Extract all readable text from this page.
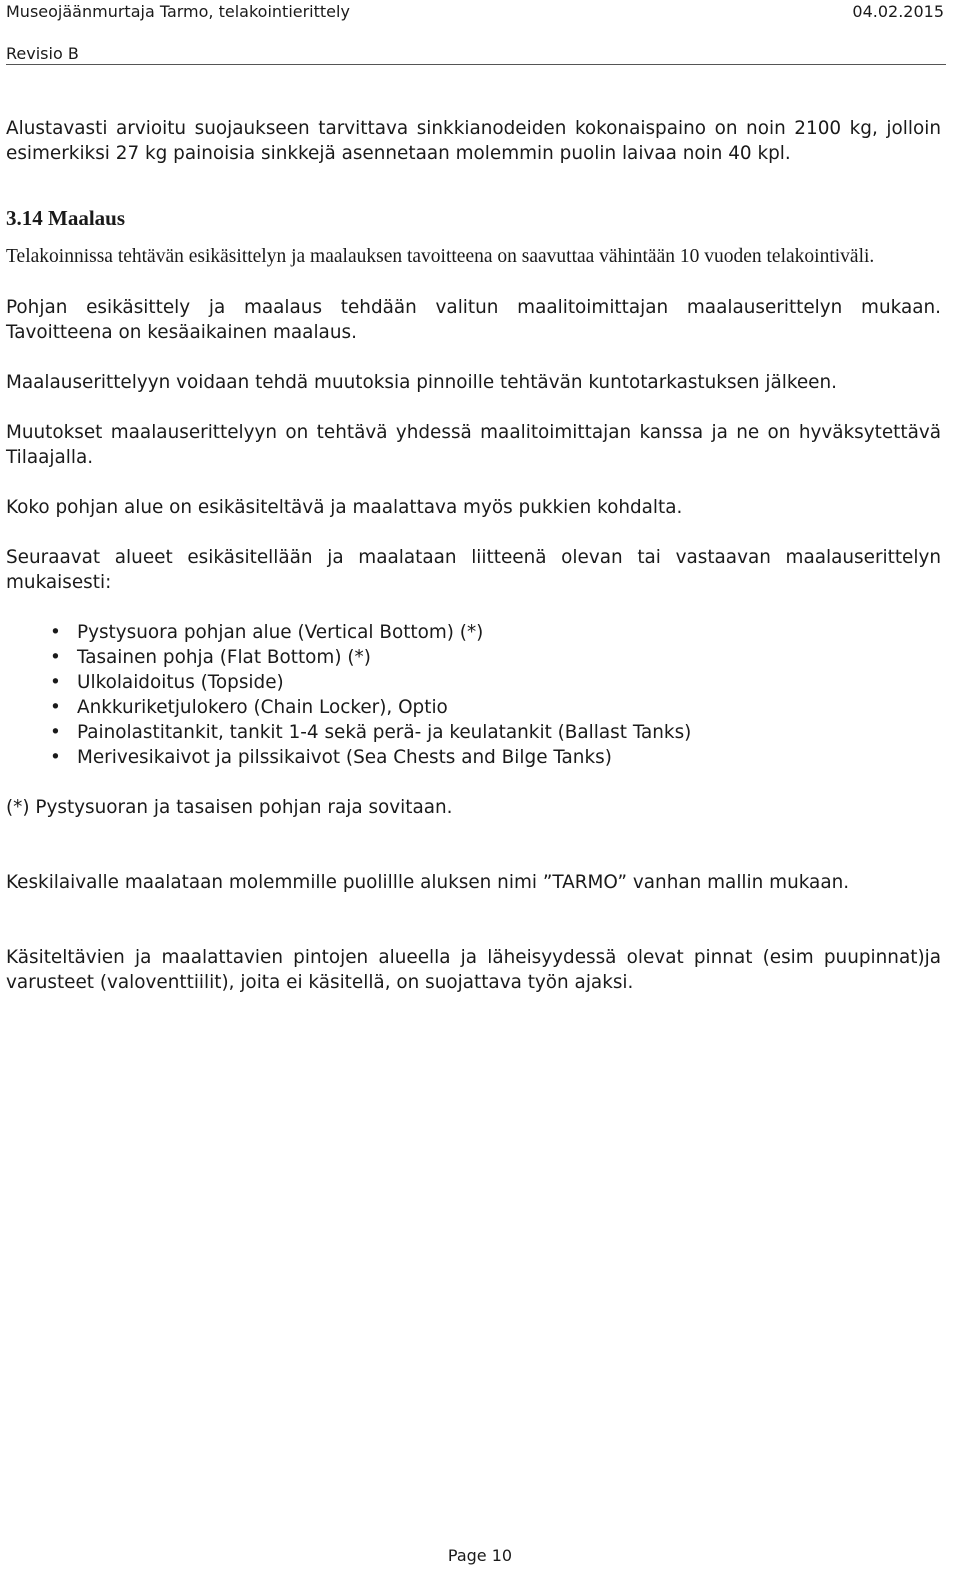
Museojäänmurtaja Tarmo, telakointierittely	04.02.2015
Revisio B

Alustavasti arvioitu suojaukseen tarvittava sinkkianodeiden kokonaispaino on noin 2100 kg, jolloin esimerkiksi 27 kg painoisia sinkkejä asennetaan molemmin puolin laivaa noin 40 kpl.

3.14 Maalaus

Telakoinnissa tehtävän esikäsittelyn ja maalauksen tavoitteena on saavuttaa vähintään 10 vuoden telakointiväli.

Pohjan esikäsittely ja maalaus tehdään valitun maalitoimittajan maalauserittelyn mukaan. Tavoitteena on kesäaikainen maalaus.

Maalauserittelyyn voidaan tehdä muutoksia pinnoille tehtävän kuntotarkastuksen jälkeen.

Muutokset maalauserittelyyn on tehtävä yhdessä maalitoimittajan kanssa ja ne on hyväksytettävä Tilaajalla.

Koko pohjan alue on esikäsiteltävä ja maalattava myös pukkien kohdalta.

Seuraavat alueet esikäsitellään ja maalataan liitteenä olevan tai vastaavan maalauserittelyn mukaisesti:

• Pystysuora pohjan alue (Vertical Bottom) (*)
• Tasainen pohja (Flat Bottom) (*)
• Ulkolaidoitus (Topside)
• Ankkuriketjulokero (Chain Locker), Optio
• Painolastitankit, tankit 1-4 sekä perä- ja keulatankit (Ballast Tanks)
• Merivesikaivot ja pilssikaivot (Sea Chests and Bilge Tanks)

(*) Pystysuoran ja tasaisen pohjan raja sovitaan.

Keskilaivalle maalataan molemmille puolillle aluksen nimi ”TARMO” vanhan mallin mukaan.

Käsiteltävien ja maalattavien pintojen alueella ja läheisyydessä olevat pinnat (esim puupinnat)ja varusteet (valoventtiilit), joita ei käsitellä, on suojattava työn ajaksi.

Page 10
